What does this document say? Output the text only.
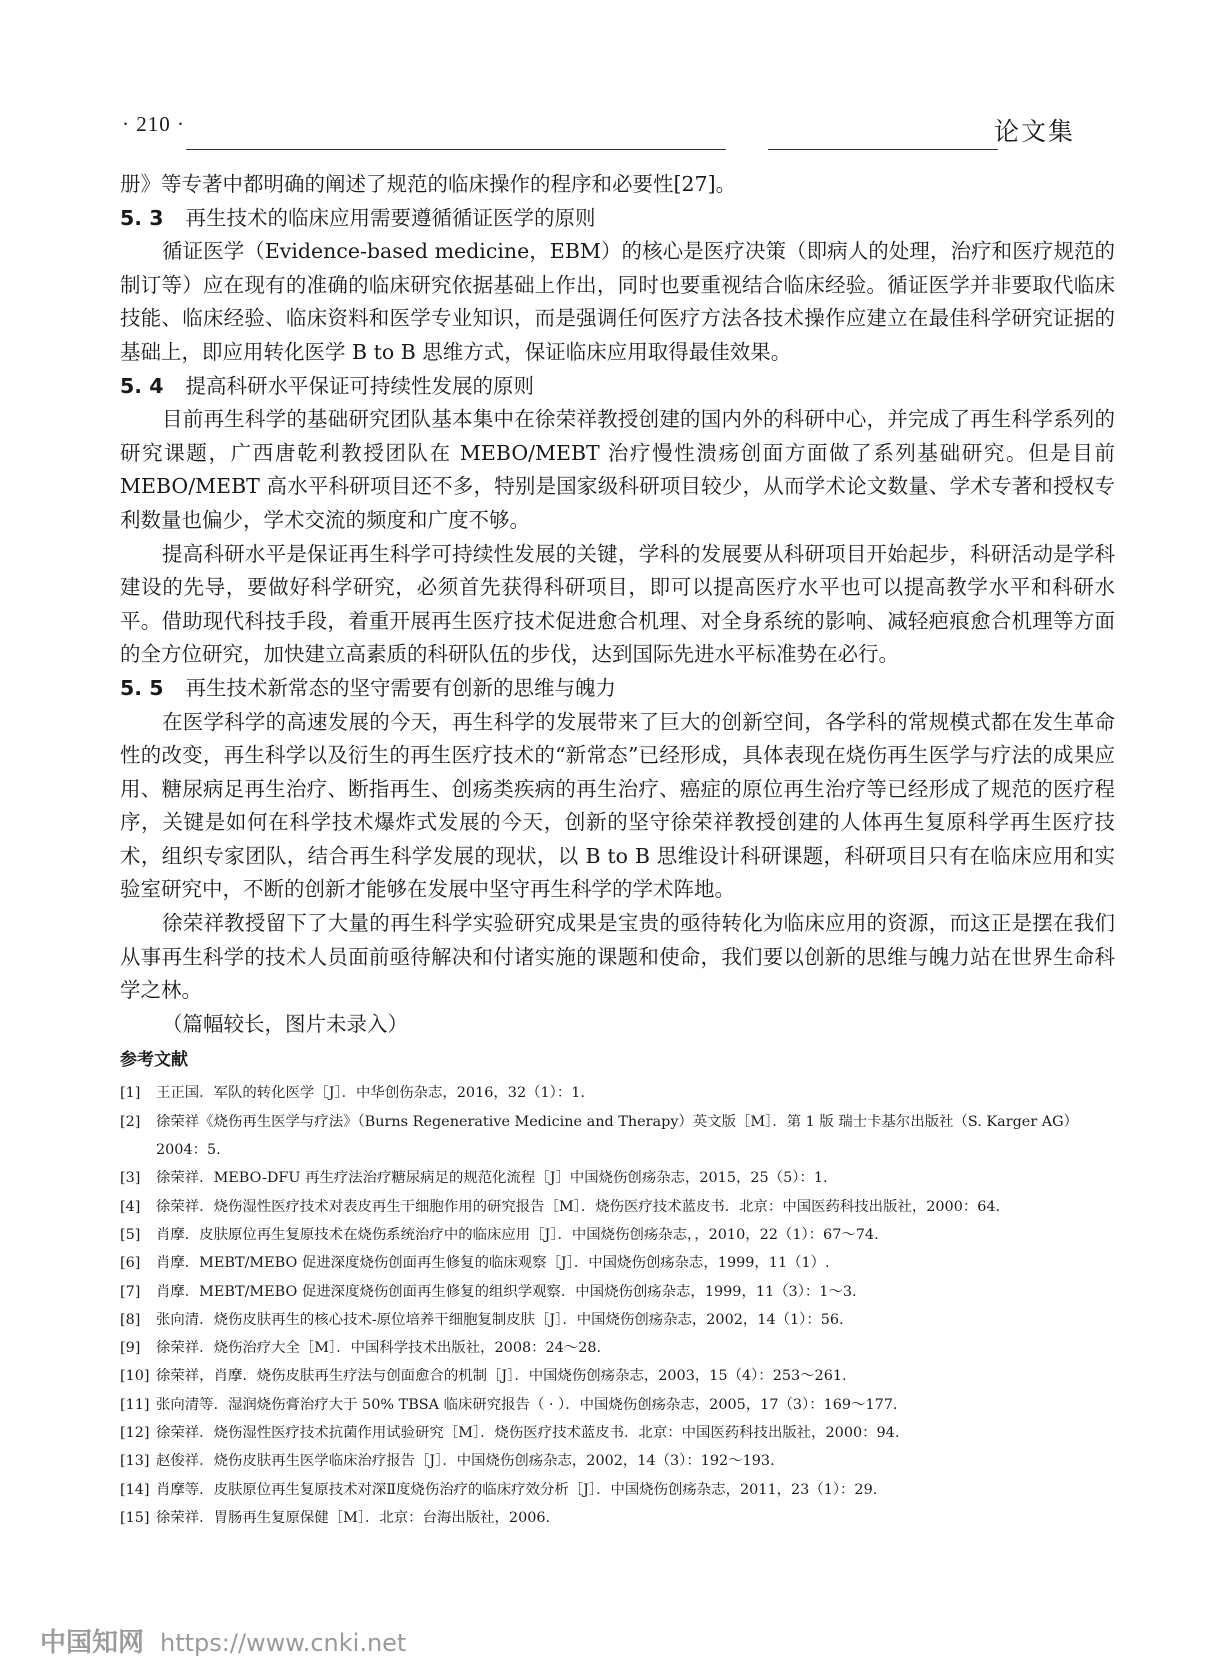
· 210 ·	论文集

册》等专著中都明确的阐述了规范的临床操作的程序和必要性[27]。

5. 3 再生技术的临床应用需要遵循循证医学的原则

循证医学（Evidence-based medicine，EBM）的核心是医疗决策（即病人的处理，治疗和医疗规范的制订等）应在现有的准确的临床研究依据基础上作出，同时也要重视结合临床经验。循证医学并非要取代临床技能、临床经验、临床资料和医学专业知识，而是强调任何医疗方法各技术操作应建立在最佳科学研究证据的基础上，即应用转化医学 B to B 思维方式，保证临床应用取得最佳效果。

5. 4 提高科研水平保证可持续性发展的原则

目前再生科学的基础研究团队基本集中在徐荣祥教授创建的国内外的科研中心，并完成了再生科学系列的研究课题，广西唐乾利教授团队在 MEBO/MEBT 治疗慢性溃疡创面方面做了系列基础研究。但是目前 MEBO/MEBT 高水平科研项目还不多，特别是国家级科研项目较少，从而学术论文数量、学术专著和授权专利数量也偏少，学术交流的频度和广度不够。

提高科研水平是保证再生科学可持续性发展的关键，学科的发展要从科研项目开始起步，科研活动是学科建设的先导，要做好科学研究，必须首先获得科研项目，即可以提高医疗水平也可以提高教学水平和科研水平。借助现代科技手段，着重开展再生医疗技术促进愈合机理、对全身系统的影响、减轻疤痕愈合机理等方面的全方位研究，加快建立高素质的科研队伍的步伐，达到国际先进水平标准势在必行。

5. 5 再生技术新常态的坚守需要有创新的思维与魄力

在医学科学的高速发展的今天，再生科学的发展带来了巨大的创新空间，各学科的常规模式都在发生革命性的改变，再生科学以及衍生的再生医疗技术的“新常态”已经形成，具体表现在烧伤再生医学与疗法的成果应用、糖尿病足再生治疗、断指再生、创疡类疾病的再生治疗、癌症的原位再生治疗等已经形成了规范的医疗程序，关键是如何在科学技术爆炸式发展的今天，创新的坚守徐荣祥教授创建的人体再生复原科学再生医疗技术，组织专家团队，结合再生科学发展的现状，以 B to B 思维设计科研课题，科研项目只有在临床应用和实验室研究中，不断的创新才能够在发展中坚守再生科学的学术阵地。

徐荣祥教授留下了大量的再生科学实验研究成果是宝贵的亟待转化为临床应用的资源，而这正是摆在我们从事再生科学的技术人员面前亟待解决和付诸实施的课题和使命，我们要以创新的思维与魄力站在世界生命科学之林。

（篇幅较长，图片未录入）

参考文献
[1]	王正国．军队的转化医学［J］．中华创伤杂志，2016，32（1）：1.
[2]	徐荣祥《烧伤再生医学与疗法》（Burns Regenerative Medicine and Therapy）英文版［M］．第 1 版 瑞士卡基尔出版社（S. Karger AG）2004：5.
[3]	徐荣祥．MEBO-DFU 再生疗法治疗糖尿病足的规范化流程［J］中国烧伤创疡杂志，2015，25（5）：1.
[4]	徐荣祥．烧伤湿性医疗技术对表皮再生干细胞作用的研究报告［M］．烧伤医疗技术蓝皮书．北京：中国医药科技出版社，2000：64.
[5]	肖摩．皮肤原位再生复原技术在烧伤系统治疗中的临床应用［J］．中国烧伤创疡杂志，，2010，22（1）：67～74.
[6]	肖摩．MEBT/MEBO 促进深度烧伤创面再生修复的临床观察［J］．中国烧伤创疡杂志，1999，11（1）.
[7]	肖摩．MEBT/MEBO 促进深度烧伤创面再生修复的组织学观察．中国烧伤创疡杂志，1999，11（3）：1～3.
[8]	张向清．烧伤皮肤再生的核心技术-原位培养干细胞复制皮肤［J］．中国烧伤创疡杂志，2002，14（1）：56.
[9]	徐荣祥．烧伤治疗大全［M］．中国科学技术出版社，2008：24～28.
[10] 徐荣祥，肖摩．烧伤皮肤再生疗法与创面愈合的机制［J］．中国烧伤创疡杂志，2003，15（4）：253～261.
[11] 张向清等．湿润烧伤膏治疗大于 50% TBSA 临床研究报告（ · ）．中国烧伤创疡杂志，2005，17（3）：169～177.
[12] 徐荣祥．烧伤湿性医疗技术抗菌作用试验研究［M］．烧伤医疗技术蓝皮书．北京：中国医药科技出版社，2000：94.
[13] 赵俊祥．烧伤皮肤再生医学临床治疗报告［J］．中国烧伤创疡杂志，2002，14（3）：192～193.
[14] 肖摩等．皮肤原位再生复原技术对深Ⅱ度烧伤治疗的临床疗效分析［J］．中国烧伤创疡杂志，2011，23（1）：29.
[15] 徐荣祥．胃肠再生复原保健［M］．北京：台海出版社，2006.
中国知网 https://www.cnki.net
